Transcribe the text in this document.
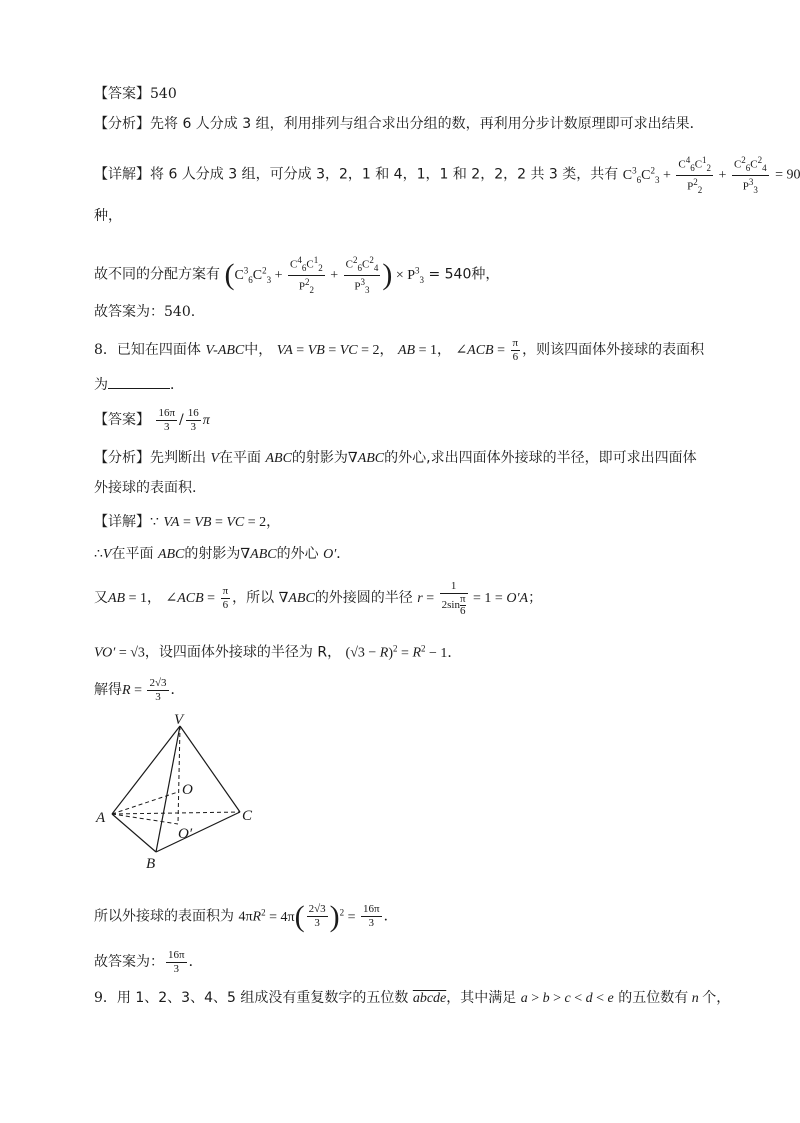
【答案】540
【分析】先将 6 人分成 3 组，利用排列与组合求出分组的数，再利用分步计数原理即可求出结果．
【详解】将 6 人分成 3 组，可分成 3，2，1 和 4，1，1 和 2，2，2 共 3 类，共有 $C^3_6C^2_3 + \frac{C^4_6C^1_2}{P^2_2} + \frac{C^2_6C^2_4}{P^3_3} = 90$
种，
故不同的分配方案有 ($C^3_6C^2_3 + \frac{C^4_6C^1_2}{P^2_2} + \frac{C^2_6C^2_4}{P^3_3}$ ) × $P^3_3 = 540$种，
故答案为：540.
8．已知在四面体 V-ABC中， VA = VB = VC = 2， AB = 1， ∠ACB = $\frac{\pi}{6}$ ，则该四面体外接球的表面积
为	．
【答案】 $\frac{16\pi}{3} / \frac{16}{3}$ π
【分析】先判断出 V在平面 ABC的射影为∇ABC的外心,求出四面体外接球的半径，即可求出四面体
外接球的表面积.
【详解】∵ VA = VB = VC = 2，
∴V在平面 ABC的射影为∇ABC的外心 O′．
又AB = 1， ∠ACB = $\frac{\pi}{6}$ ，所以 ∇ABC的外接圆的半径 $r = \frac{1}{2\sin \frac{\pi}{6}} = 1 = O'A$；
VO′ = √3，设四面体外接球的半径为 R， $(√3 - R)^2 = R^2 - 1$．
解得$R = \frac{2√3}{3}$ ．
V
O
A	C
O′
B
所以外接球的表面积为 $4\pi R^2 = 4\pi( \frac{2√3}{3} )^2 = \frac{16\pi}{3}$ ．
故答案为： $\frac{16\pi}{3}$ ．
9．用 1、2、3、4、5 组成没有重复数字的五位数 abcde，其中满足 a > b > c < d < e 的五位数有 n 个，
